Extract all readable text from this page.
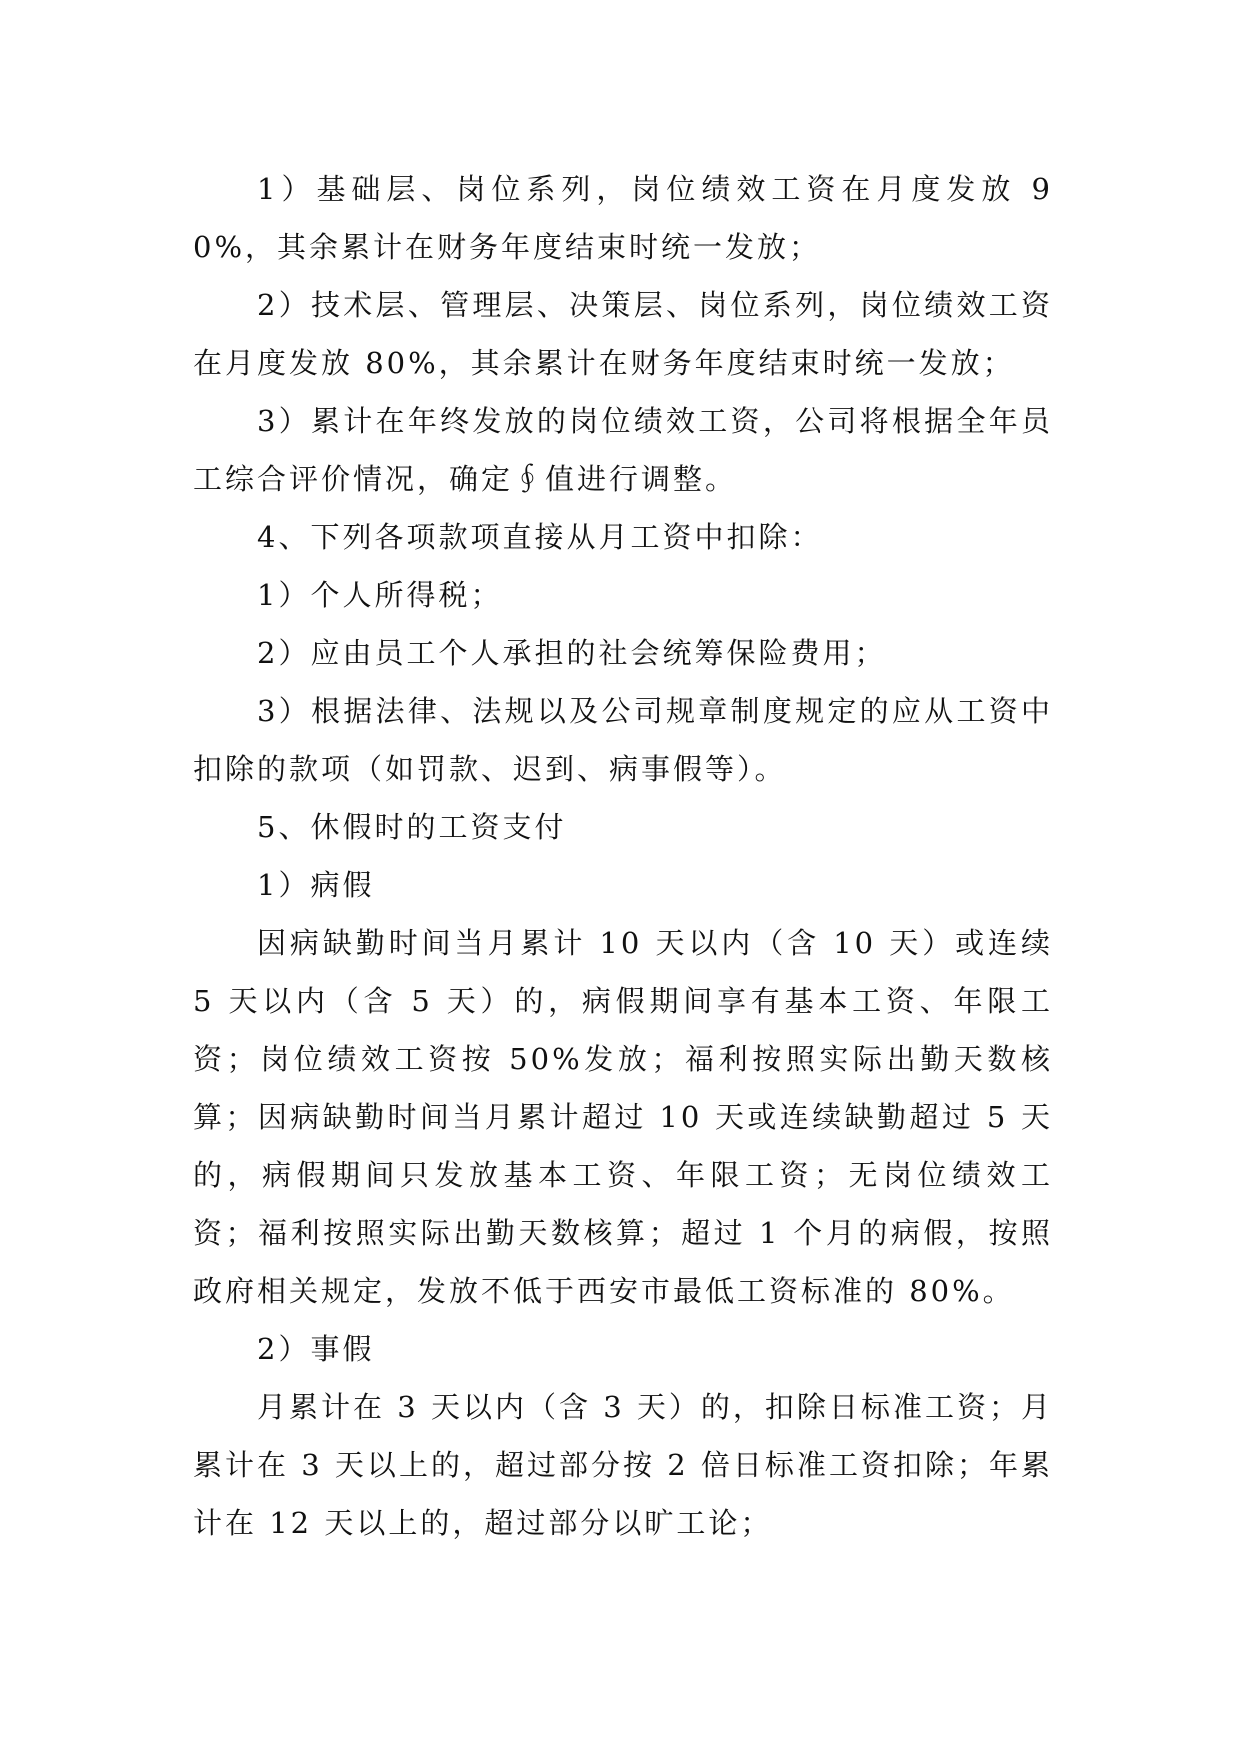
1）基础层、岗位系列，岗位绩效工资在月度发放 90%，其余累计在财务年度结束时统一发放；

2）技术层、管理层、决策层、岗位系列，岗位绩效工资在月度发放 80%，其余累计在财务年度结束时统一发放；

3）累计在年终发放的岗位绩效工资，公司将根据全年员工综合评价情况，确定∮值进行调整。

4、下列各项款项直接从月工资中扣除：

1）个人所得税；

2）应由员工个人承担的社会统筹保险费用；

3）根据法律、法规以及公司规章制度规定的应从工资中扣除的款项（如罚款、迟到、病事假等）。

5、休假时的工资支付

1）病假

因病缺勤时间当月累计 10 天以内（含 10 天）或连续 5 天以内（含 5 天）的，病假期间享有基本工资、年限工资；岗位绩效工资按 50%发放；福利按照实际出勤天数核算；因病缺勤时间当月累计超过 10 天或连续缺勤超过 5 天的，病假期间只发放基本工资、年限工资；无岗位绩效工资；福利按照实际出勤天数核算；超过 1 个月的病假，按照政府相关规定，发放不低于西安市最低工资标准的 80%。

2）事假

月累计在 3 天以内（含 3 天）的，扣除日标准工资；月累计在 3 天以上的，超过部分按 2 倍日标准工资扣除；年累计在 12 天以上的，超过部分以旷工论；
